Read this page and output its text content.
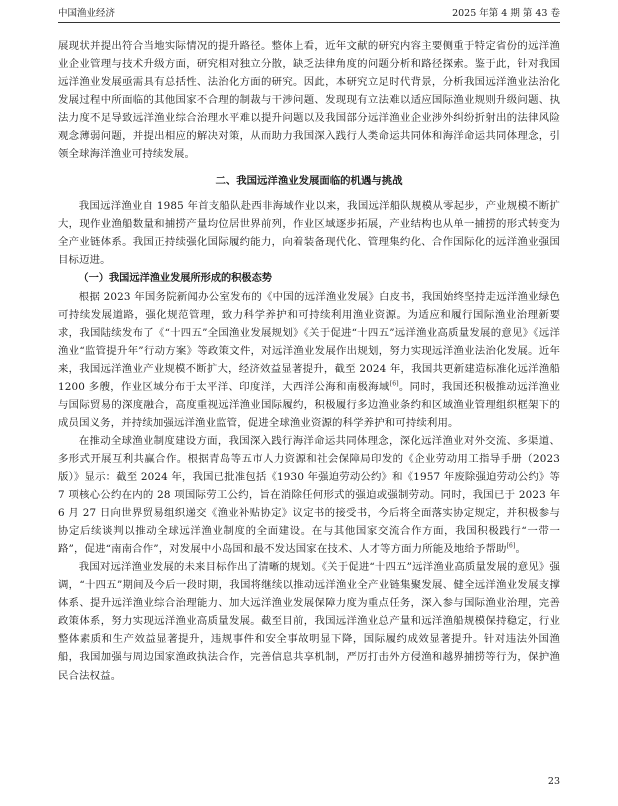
中国渔业经济	2025 年第 4 期 第 43 卷

展现状并提出符合当地实际情况的提升路径。整体上看，近年文献的研究内容主要侧重于特定省份的远洋渔业企业管理与技术升级方面，研究相对独立分散，缺乏法律角度的问题分析和路径探索。鉴于此，针对我国远洋渔业发展亟需具有总括性、法治化方面的研究。因此，本研究立足时代背景，分析我国远洋渔业法治化发展过程中所面临的其他国家不合理的制裁与干涉问题、发现现有立法难以适应国际渔业规则升级问题、执法力度不足导致远洋渔业综合治理水平难以提升问题以及我国部分远洋渔业企业涉外纠纷折射出的法律风险观念薄弱问题，并提出相应的解决对策，从而助力我国深入践行人类命运共同体和海洋命运共同体理念，引领全球海洋渔业可持续发展。

二、我国远洋渔业发展面临的机遇与挑战

我国远洋渔业自 1985 年首支船队赴西非海域作业以来，我国远洋船队规模从零起步，产业规模不断扩大，现作业渔船数量和捕捞产量均位居世界前列，作业区域逐步拓展，产业结构也从单一捕捞的形式转变为全产业链体系。我国正持续强化国际履约能力，向着装备现代化、管理集约化、合作国际化的远洋渔业强国目标迈进。

（一）我国远洋渔业发展所形成的积极态势

根据 2023 年国务院新闻办公室发布的《中国的远洋渔业发展》白皮书，我国始终坚持走远洋渔业绿色可持续发展道路，强化规范管理，致力科学养护和可持续利用渔业资源。为适应和履行国际渔业治理新要求，我国陆续发布了《“十四五”全国渔业发展规划》《关于促进“十四五”远洋渔业高质量发展的意见》《远洋渔业“监管提升年”行动方案》等政策文件，对远洋渔业发展作出规划，努力实现远洋渔业法治化发展。近年来，我国远洋渔业产业规模不断扩大，经济效益显著提升，截至 2024 年，我国共更新建造标准化远洋渔船 1200 多艘，作业区域分布于太平洋、印度洋，大西洋公海和南极海域[6]。同时，我国还积极推动远洋渔业与国际贸易的深度融合，高度重视远洋渔业国际履约，积极履行多边渔业条约和区域渔业管理组织框架下的成员国义务，并持续加强远洋渔业监管，促进全球渔业资源的科学养护和可持续利用。

在推动全球渔业制度建设方面，我国深入践行海洋命运共同体理念，深化远洋渔业对外交流、多渠道、多形式开展互利共赢合作。根据青岛等五市人力资源和社会保障局印发的《企业劳动用工指导手册（2023 版）》显示：截至 2024 年，我国已批准包括《1930 年强迫劳动公约》和《1957 年废除强迫劳动公约》等 7 项核心公约在内的 28 项国际劳工公约，旨在消除任何形式的强迫或强制劳动。同时，我国已于 2023 年 6 月 27 日向世界贸易组织递交《渔业补贴协定》议定书的接受书，今后将全面落实协定规定，并积极参与协定后续谈判以推动全球远洋渔业制度的全面建设。在与其他国家交流合作方面，我国积极践行“一带一路”，促进“南南合作”，对发展中小岛国和最不发达国家在技术、人才等方面力所能及地给予帮助[6]。

我国对远洋渔业发展的未来目标作出了清晰的规划。《关于促进“十四五”远洋渔业高质量发展的意见》强调，“十四五”期间及今后一段时期，我国将继续以推动远洋渔业全产业链集聚发展、健全远洋渔业发展支撑体系、提升远洋渔业综合治理能力、加大远洋渔业发展保障力度为重点任务，深入参与国际渔业治理，完善政策体系，努力实现远洋渔业高质量发展。截至目前，我国远洋渔业总产量和远洋渔船规模保持稳定，行业整体素质和生产效益显著提升，违规事件和安全事故明显下降，国际履约成效显著提升。针对违法外国渔船，我国加强与周边国家渔政执法合作，完善信息共享机制，严厉打击外方侵渔和越界捕捞等行为，保护渔民合法权益。

23
